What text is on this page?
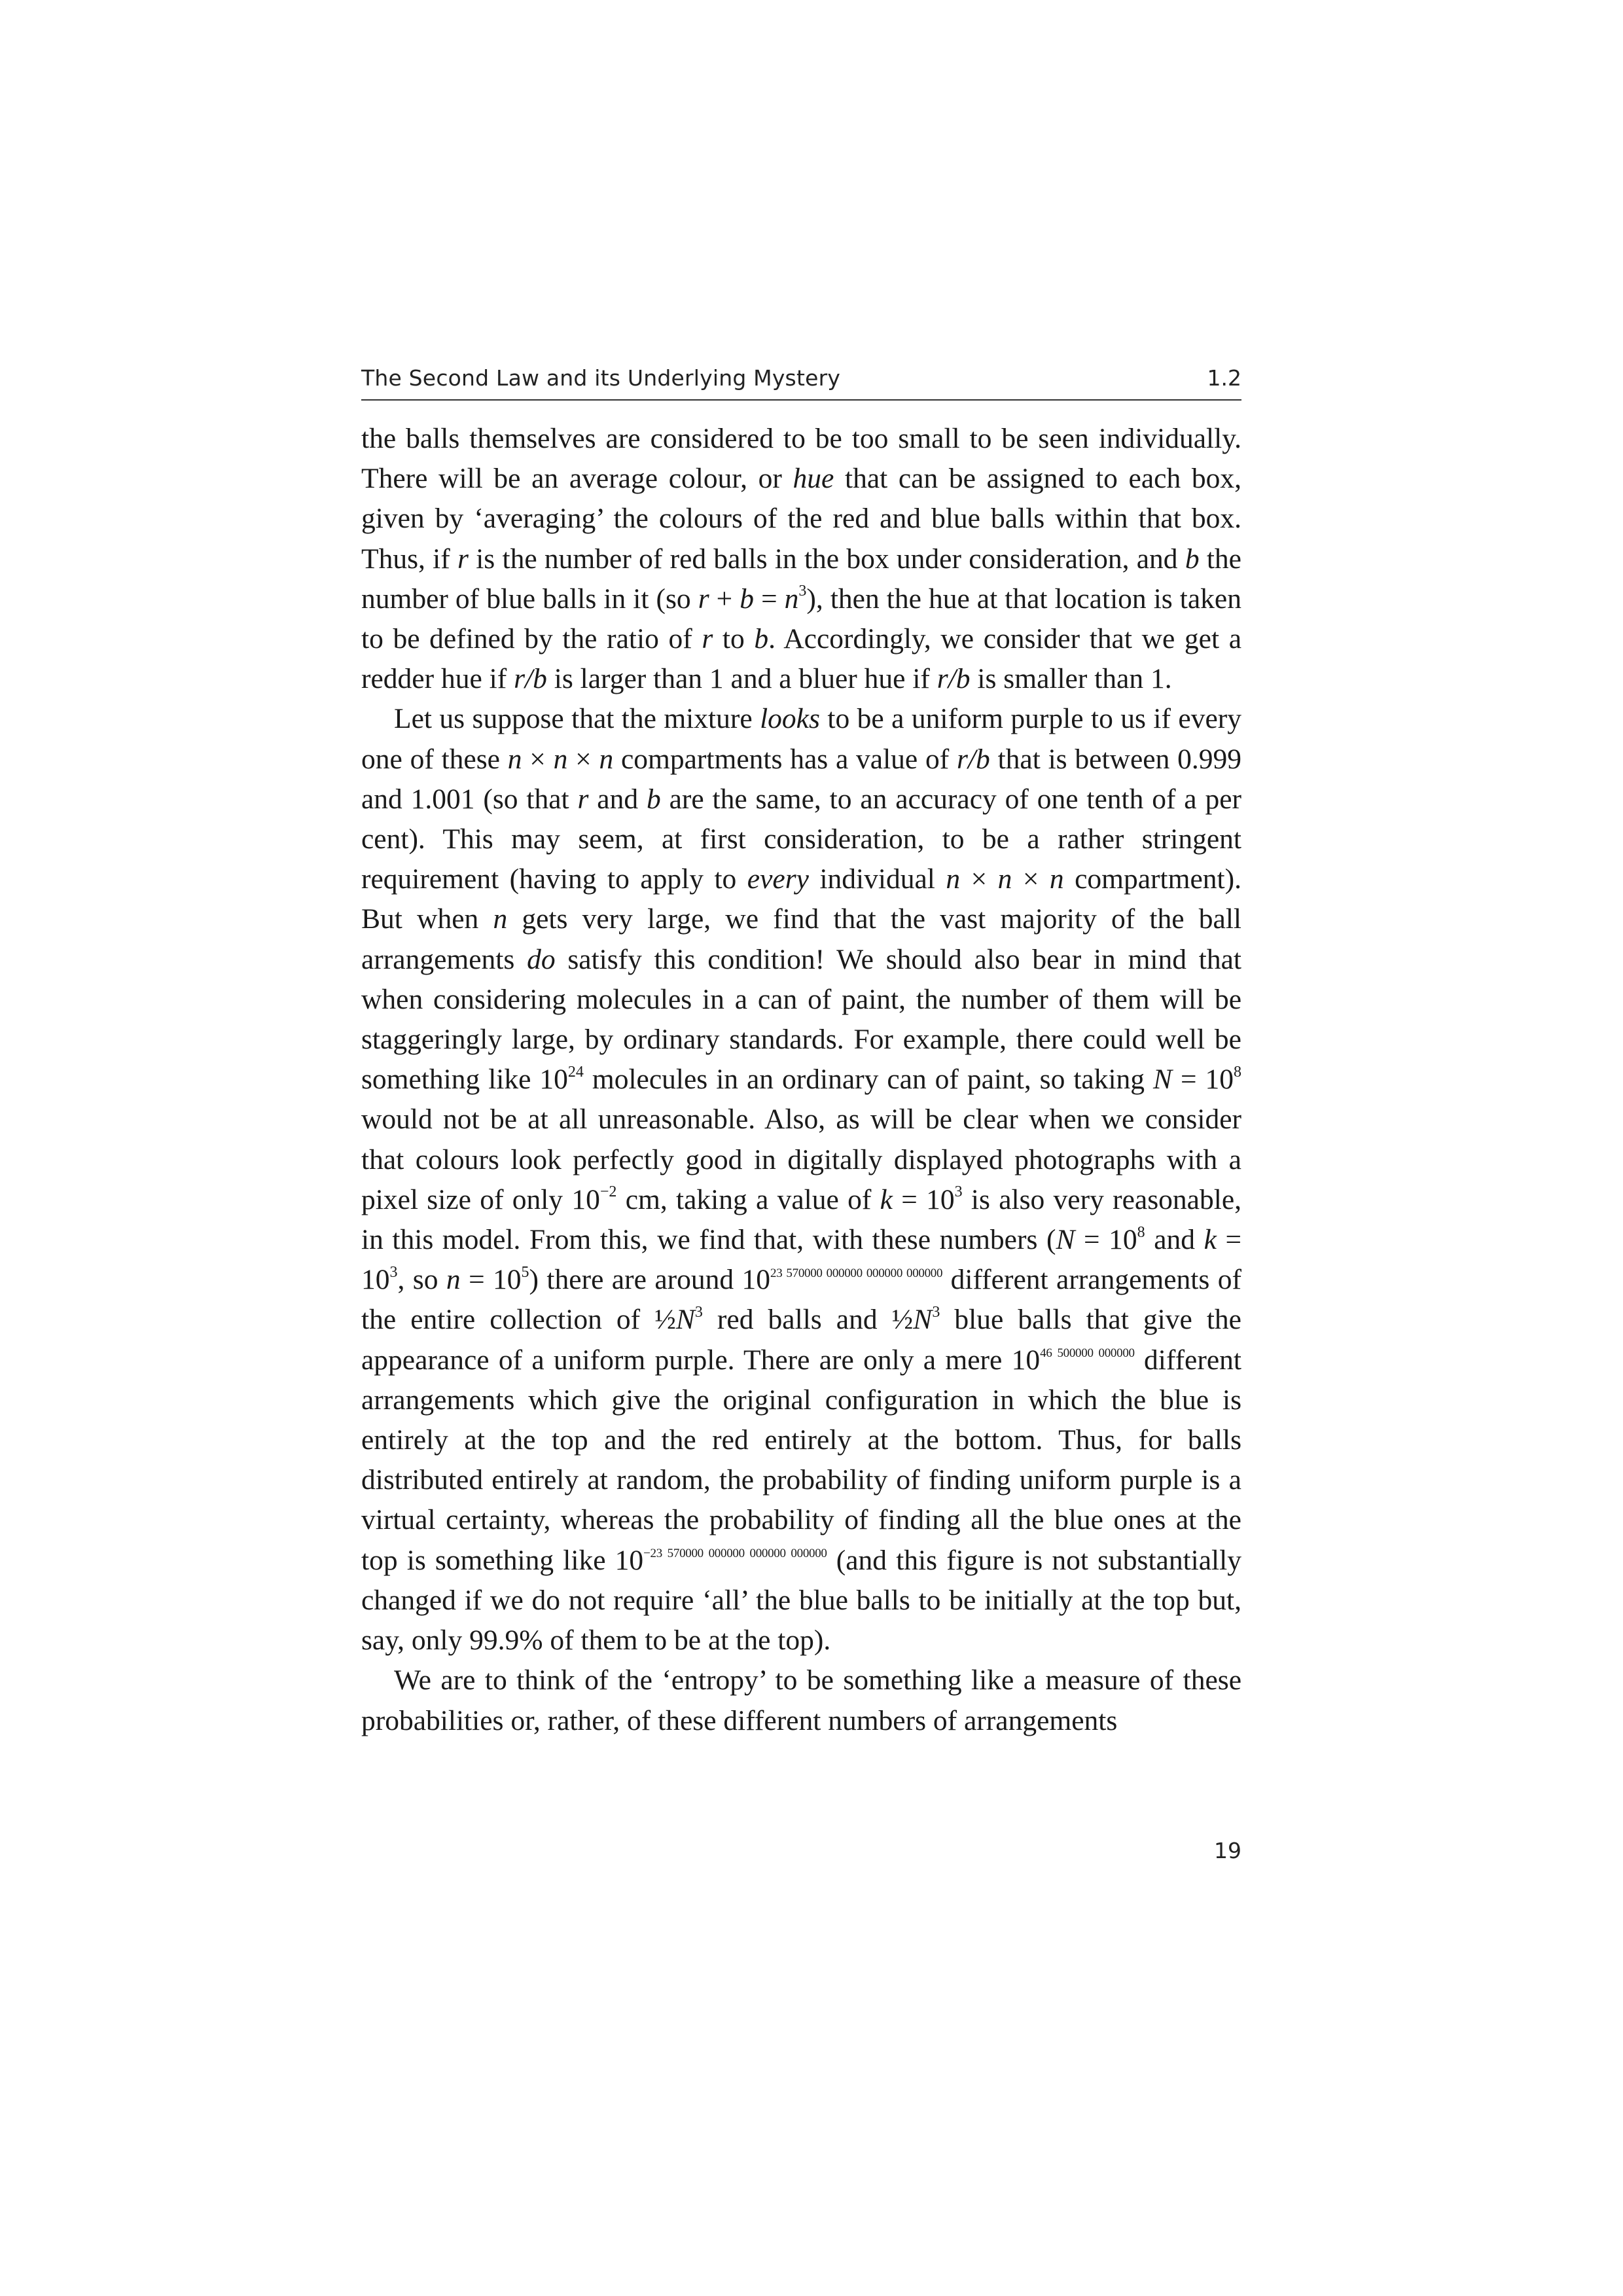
The Second Law and its Underlying Mystery	1.2

the balls themselves are considered to be too small to be seen individually. There will be an average colour, or hue that can be assigned to each box, given by ‘averaging’ the colours of the red and blue balls within that box. Thus, if r is the number of red balls in the box under consideration, and b the number of blue balls in it (so $r + b = n^3$), then the hue at that location is taken to be defined by the ratio of r to b. Accordingly, we consider that we get a redder hue if r/b is larger than 1 and a bluer hue if r/b is smaller than 1.

Let us suppose that the mixture looks to be a uniform purple to us if every one of these n × n × n compartments has a value of r/b that is between 0.999 and 1.001 (so that r and b are the same, to an accuracy of one tenth of a per cent). This may seem, at first consideration, to be a rather stringent requirement (having to apply to every individual n × n × n compartment). But when n gets very large, we find that the vast majority of the ball arrangements do satisfy this condition! We should also bear in mind that when considering molecules in a can of paint, the number of them will be staggeringly large, by ordinary standards. For example, there could well be something like $10^{24}$ molecules in an ordinary can of paint, so taking $N = 10^8$ would not be at all unreasonable. Also, as will be clear when we consider that colours look perfectly good in digitally displayed photographs with a pixel size of only $10^{-2}$ cm, taking a value of $k = 10^3$ is also very reasonable, in this model. From this, we find that, with these numbers ($N = 10^8$ and $k = 10^3$, so $n = 10^5$) there are around $10^{23 570000 000000 000000 000000}$ different arrangements of the entire collection of $\frac{1}{2}N^3$ red balls and $\frac{1}{2}N^3$ blue balls that give the appearance of a uniform purple. There are only a mere $10^{46 500000 000000}$ different arrangements which give the original configuration in which the blue is entirely at the top and the red entirely at the bottom. Thus, for balls distributed entirely at random, the probability of finding uniform purple is a virtual certainty, whereas the probability of finding all the blue ones at the top is something like $10^{-23 570000 000000 000000 000000}$ (and this figure is not substantially changed if we do not require ‘all’ the blue balls to be initially at the top but, say, only 99.9% of them to be at the top).

We are to think of the ‘entropy’ to be something like a measure of these probabilities or, rather, of these different numbers of arrangements

19
